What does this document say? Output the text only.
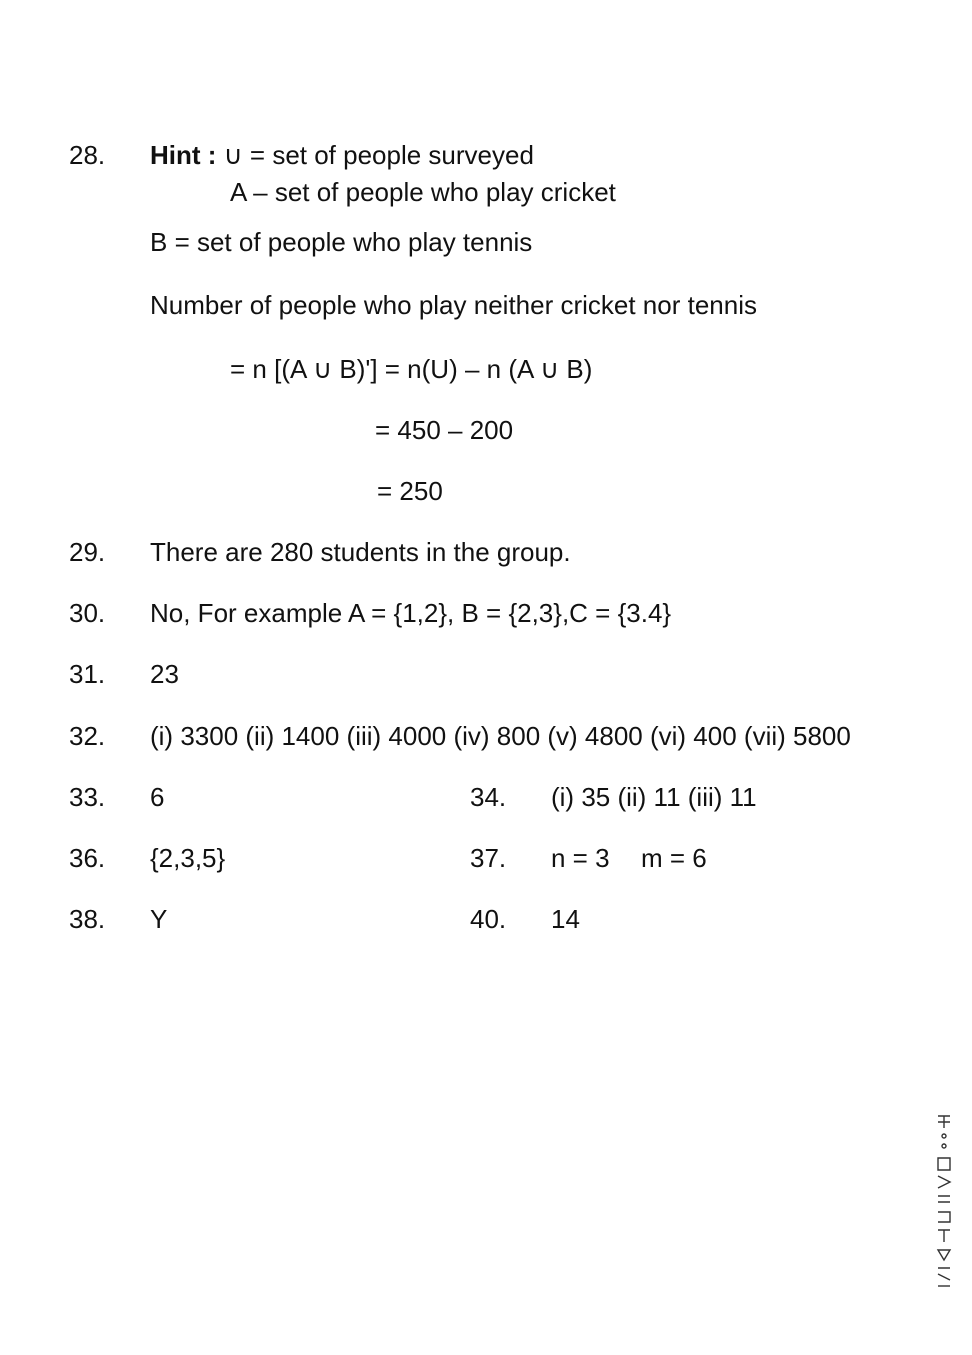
28. Hint : ∪ = set of people surveyed
A – set of people who play cricket
B = set of people who play tennis
Number of people who play neither cricket nor tennis
= n [(A ∪ B)'] = n(U) – n (A ∪ B)
= 450 – 200
= 250
29. There are 280 students in the group.
30. No, For example A = {1,2}, B = {2,3},C = {3.4}
31. 23
32. (i) 3300 (ii) 1400 (iii) 4000 (iv) 800 (v) 4800 (vi) 400 (vii) 5800
33. 6	34. (i) 35 (ii) 11 (iii) 11
36. {2,3,5}	37. n = 3 m = 6
38. Y	40. 14
